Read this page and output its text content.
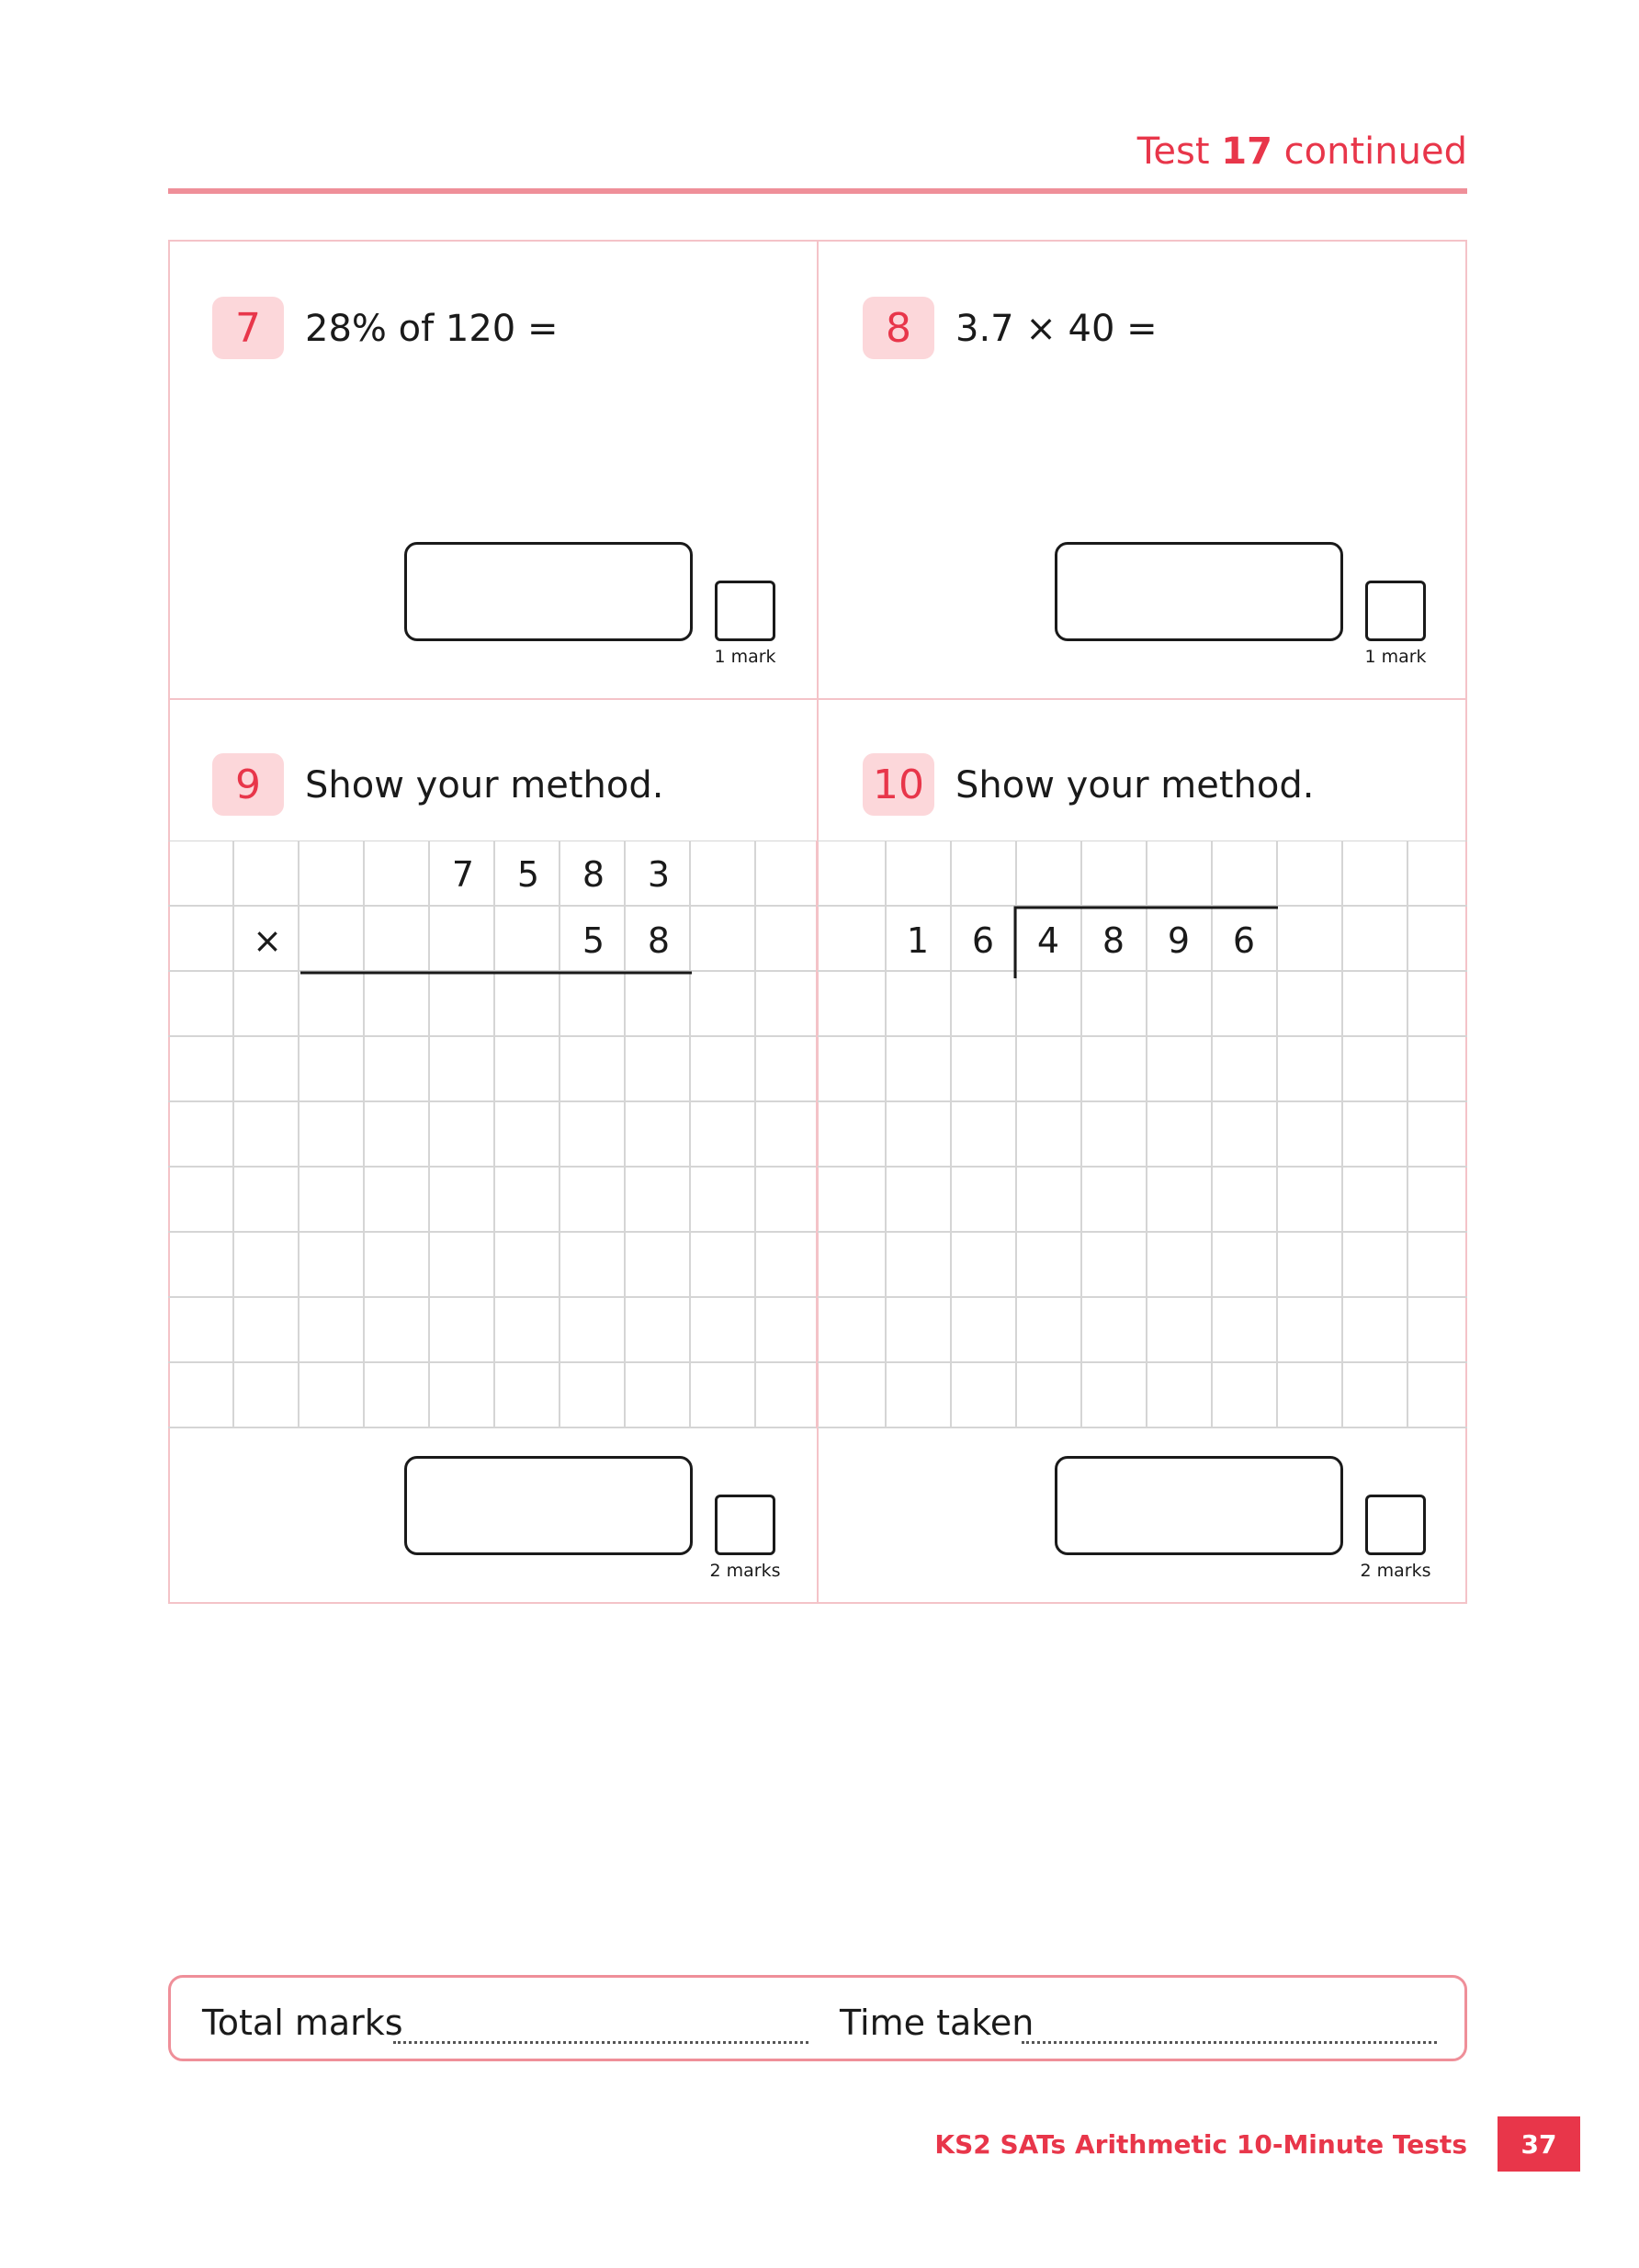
Test 17 continued
7	28% of 120 =
1 mark
8	3.7 × 40 =
1 mark
9	Show your method.	10 Show your method.
7 5 8 3
×	5 8	1 6 4 8 9 6
2 marks	2 marks
Total marks	Time taken
KS2 SATs Arithmetic 10-Minute Tests	37
